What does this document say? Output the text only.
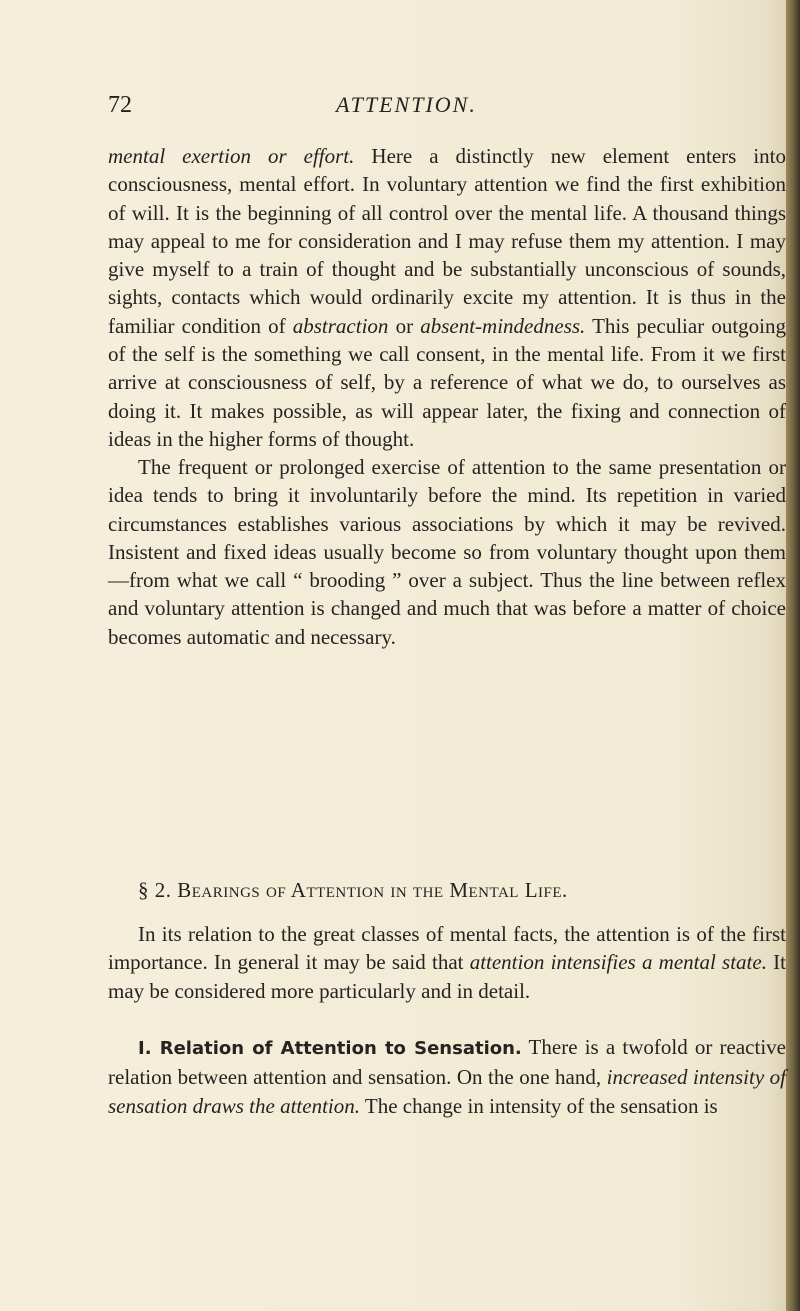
72	ATTENTION.

mental exertion or effort. Here a distinctly new element enters into consciousness, mental effort. In voluntary attention we find the first exhibition of will. It is the beginning of all control over the mental life. A thousand things may appeal to me for consideration and I may refuse them my attention. I may give myself to a train of thought and be substantially unconscious of sounds, sights, contacts which would ordinarily excite my attention. It is thus in the familiar condition of abstraction or absent-mindedness. This peculiar outgoing of the self is the something we call consent, in the mental life. From it we first arrive at consciousness of self, by a reference of what we do, to ourselves as doing it. It makes possible, as will appear later, the fixing and connection of ideas in the higher forms of thought.

The frequent or prolonged exercise of attention to the same presentation or idea tends to bring it involuntarily before the mind. Its repetition in varied circumstances establishes various associations by which it may be revived. Insistent and fixed ideas usually become so from voluntary thought upon them—from what we call “ brooding ” over a subject. Thus the line between reflex and voluntary attention is changed and much that was before a matter of choice becomes automatic and necessary.

§ 2. Bearings of Attention in the Mental Life.

In its relation to the great classes of mental facts, the attention is of the first importance. In general it may be said that attention intensifies a mental state. It may be considered more particularly and in detail.

I. Relation of Attention to Sensation. There is a twofold or reactive relation between attention and sensation. On the one hand, increased intensity of sensation draws the attention. The change in intensity of the sensation is
